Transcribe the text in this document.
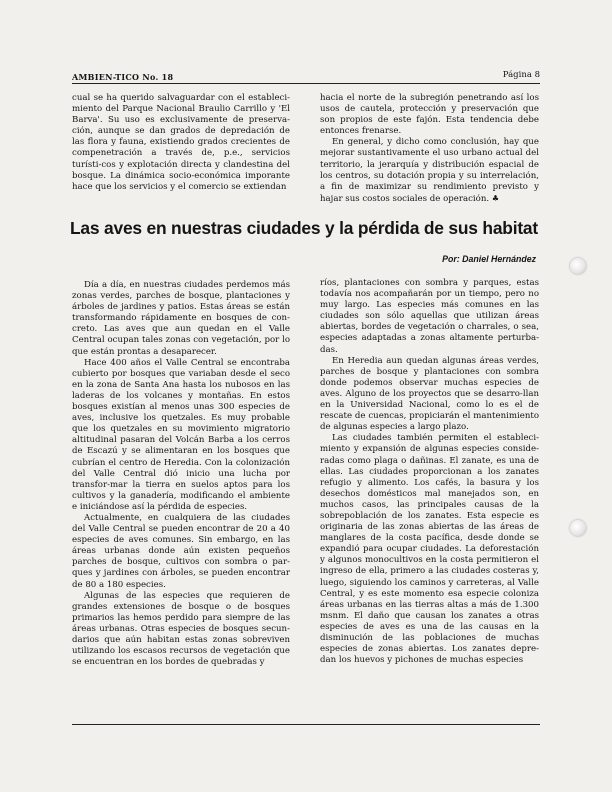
AMBIEN-TICO No. 18	Página 8

cual se ha querido salvaguardar con el estableci-miento del Parque Nacional Braulio Carrillo y 'El Barva'. Su uso es exclusivamente de preserva-ción, aunque se dan grados de depredación de las flora y fauna, existiendo grados crecientes de compenetración a través de, p.e., servicios turísti-cos y explotación directa y clandestina del bosque. La dinámica socio-económica imporante hace que los servicios y el comercio se extiendan

hacia el norte de la subregión penetrando así los usos de cautela, protección y preservación que son propios de este fajón. Esta tendencia debe entonces frenarse.

En general, y dicho como conclusión, hay que mejorar sustantivamente el uso urbano actual del territorio, la jerarquía y distribución espacial de los centros, su dotación propia y su interrelación, a fin de maximizar su rendimiento previsto y hajar sus costos sociales de operación. ♣

Las aves en nuestras ciudades y la pérdida de sus habitat
Por: Daniel Hernández

Día a día, en nuestras ciudades perdemos más zonas verdes, parches de bosque, plantaciones y árboles de jardines y patios. Estas áreas se están transformando rápidamente en bosques de con-creto. Las aves que aun quedan en el Valle Central ocupan tales zonas con vegetación, por lo que están prontas a desaparecer.

Hace 400 años el Valle Central se encontraba cubierto por bosques que variaban desde el seco en la zona de Santa Ana hasta los nubosos en las laderas de los volcanes y montañas. En estos bosques existían al menos unas 300 especies de aves, inclusive los quetzales. Es muy probable que los quetzales en su movimiento migratorio altitudinal pasaran del Volcán Barba a los cerros de Escazú y se alimentaran en los bosques que cubrían el centro de Heredia. Con la colonización del Valle Central dió inicio una lucha por transfor-mar la tierra en suelos aptos para los cultivos y la ganadería, modificando el ambiente e iniciándose así la pérdida de especies.

Actualmente, en cualquiera de las ciudades del Valle Central se pueden encontrar de 20 a 40 especies de aves comunes. Sin embargo, en las áreas urbanas donde aún existen pequeños parches de bosque, cultivos con sombra o par-ques y jardines con árboles, se pueden encontrar de 80 a 180 especies.

Algunas de las especies que requieren de grandes extensiones de bosque o de bosques primarios las hemos perdido para siempre de las áreas urbanas. Otras especies de bosques secun-darios que aún habitan estas zonas sobreviven utilizando los escasos recursos de vegetación que se encuentran en los bordes de quebradas y

ríos, plantaciones con sombra y parques, estas todavía nos acompañarán por un tiempo, pero no muy largo. Las especies más comunes en las ciudades son sólo aquellas que utilizan áreas abiertas, bordes de vegetación o charrales, o sea, especies adaptadas a zonas altamente perturba-das.

En Heredia aun quedan algunas áreas verdes, parches de bosque y plantaciones con sombra donde podemos observar muchas especies de aves. Alguno de los proyectos que se desarro-llan en la Universidad Nacional, como lo es el de rescate de cuencas, propiciarán el mantenimiento de algunas especies a largo plazo.

Las ciudades también permiten el estableci-miento y expansión de algunas especies conside-radas como plaga o dañinas. El zanate, es una de ellas. Las ciudades proporcionan a los zanates refugio y alimento. Los cafés, la basura y los desechos domésticos mal manejados son, en muchos casos, las principales causas de la sobrepoblación de los zanates. Esta especie es originaria de las zonas abiertas de las áreas de manglares de la costa pacífica, desde donde se expandió para ocupar ciudades. La deforestación y algunos monocultivos en la costa permitieron el ingreso de ella, primero a las ciudades costeras y, luego, siguiendo los caminos y carreteras, al Valle Central, y es este momento esa especie coloniza áreas urbanas en las tierras altas a más de 1.300 msnm. El daño que causan los zanates a otras especies de aves es una de las causas en la disminución de las poblaciones de muchas especies de zonas abiertas. Los zanates depre-dan los huevos y pichones de muchas especies
